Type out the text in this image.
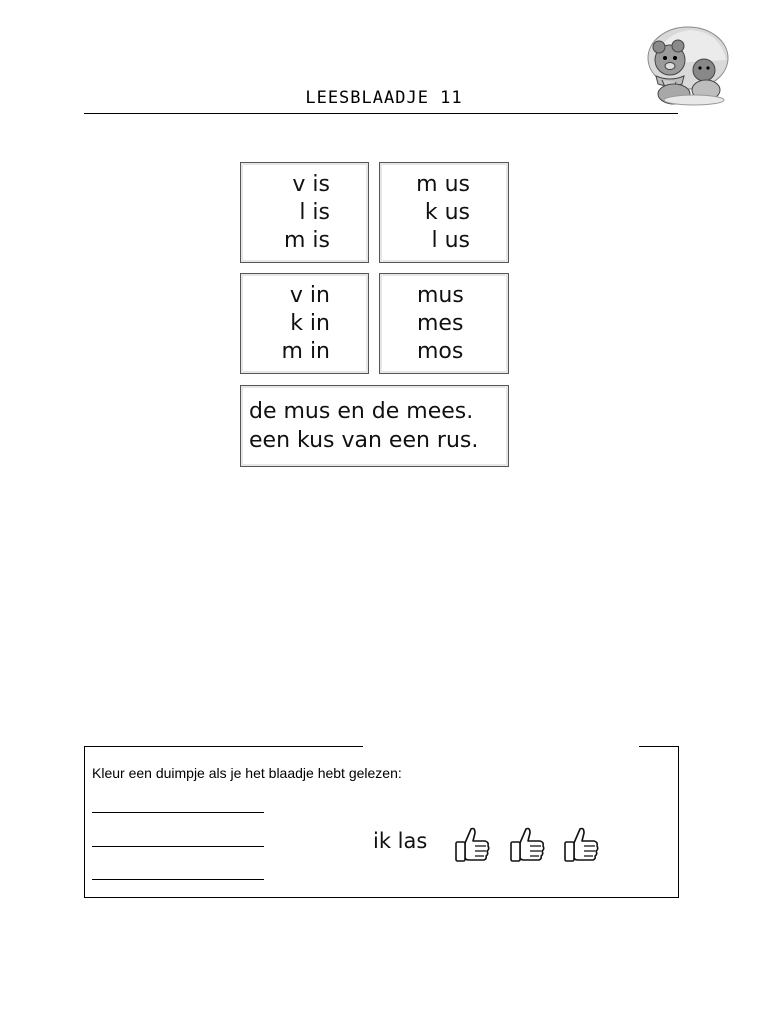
LEESBLAADJE 11
v is
l is
m is
m us
k us
l us
v in
k in
m in
mus
mes
mos
de mus en de mees.
een kus van een rus.
Kleur een duimpje als je het blaadje hebt gelezen:
ik las
